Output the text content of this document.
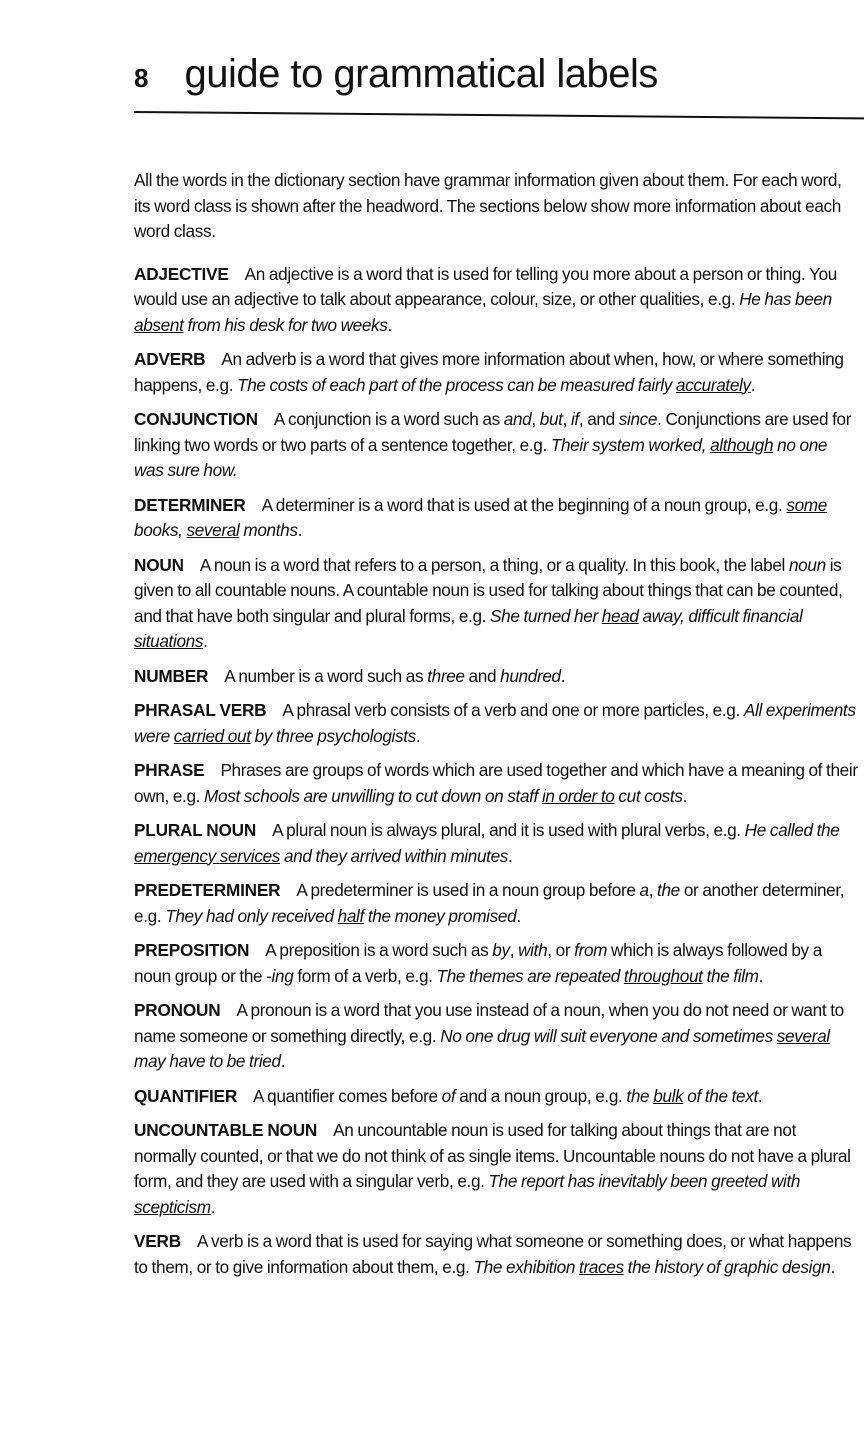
8 guide to grammatical labels

All the words in the dictionary section have grammar information given about them. For each word, its word class is shown after the headword. The sections below show more information about each word class.

ADJECTIVE An adjective is a word that is used for telling you more about a person or thing. You would use an adjective to talk about appearance, colour, size, or other qualities, e.g. He has been absent from his desk for two weeks.

ADVERB An adverb is a word that gives more information about when, how, or where something happens, e.g. The costs of each part of the process can be measured fairly accurately.

CONJUNCTION A conjunction is a word such as and, but, if, and since. Conjunctions are used for linking two words or two parts of a sentence together, e.g. Their system worked, although no one was sure how.

DETERMINER A determiner is a word that is used at the beginning of a noun group, e.g. some books, several months.

NOUN A noun is a word that refers to a person, a thing, or a quality. In this book, the label noun is given to all countable nouns. A countable noun is used for talking about things that can be counted, and that have both singular and plural forms, e.g. She turned her head away, difficult financial situations.

NUMBER A number is a word such as three and hundred.

PHRASAL VERB A phrasal verb consists of a verb and one or more particles, e.g. All experiments were carried out by three psychologists.

PHRASE Phrases are groups of words which are used together and which have a meaning of their own, e.g. Most schools are unwilling to cut down on staff in order to cut costs.

PLURAL NOUN A plural noun is always plural, and it is used with plural verbs, e.g. He called the emergency services and they arrived within minutes.

PREDETERMINER A predeterminer is used in a noun group before a, the or another determiner, e.g. They had only received half the money promised.

PREPOSITION A preposition is a word such as by, with, or from which is always followed by a noun group or the -ing form of a verb, e.g. The themes are repeated throughout the film.

PRONOUN A pronoun is a word that you use instead of a noun, when you do not need or want to name someone or something directly, e.g. No one drug will suit everyone and sometimes several may have to be tried.

QUANTIFIER A quantifier comes before of and a noun group, e.g. the bulk of the text.

UNCOUNTABLE NOUN An uncountable noun is used for talking about things that are not normally counted, or that we do not think of as single items. Uncountable nouns do not have a plural form, and they are used with a singular verb, e.g. The report has inevitably been greeted with scepticism.

VERB A verb is a word that is used for saying what someone or something does, or what happens to them, or to give information about them, e.g. The exhibition traces the history of graphic design.
